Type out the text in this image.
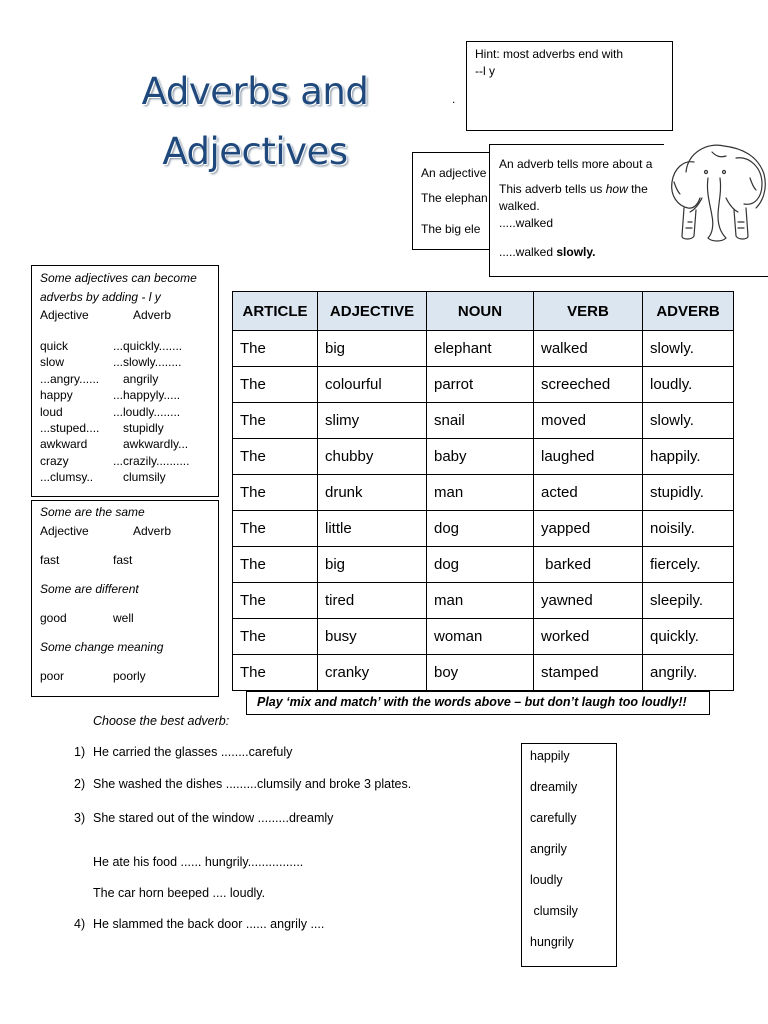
Adverbs and
Adjectives
.
Hint: most adverbs end with
--l y
An adjective
The elephan
The big ele
An adverb tells more about a
This adverb tells us how the
walked.
.....walked
.....walked slowly.
Some adjectives can become
adverbs by adding - l y
Adjective	Adverb
quick	...quickly.......
slow	...slowly........
...angry......	angrily
happy	...happyly.....
loud	...loudly........
...stuped....	stupidly
awkward	awkwardly...
crazy	...crazily..........
...clumsy..	clumsily
Some are the same
Adjective	Adverb
fast	fast
Some are different
good	well
Some change meaning
poor	poorly
ARTICLE	ADJECTIVE	NOUN	VERB	ADVERB
The	big	elephant	walked	slowly.
The	colourful	parrot	screeched	loudly.
The	slimy	snail	moved	slowly.
The	chubby	baby	laughed	happily.
The	drunk	man	acted	stupidly.
The	little	dog	yapped	noisily.
The	big	dog	barked	fiercely.
The	tired	man	yawned	sleepily.
The	busy	woman	worked	quickly.
The	cranky	boy	stamped	angrily.
Play ‘mix and match’ with the words above – but don’t laugh too loudly!!
Choose the best adverb:
1) He carried the glasses ........carefuly
2) She washed the dishes .........clumsily and broke 3 plates.
3) She stared out of the window .........dreamly
He ate his food ...... hungrily................
The car horn beeped .... loudly.
4) He slammed the back door ...... angrily ....
happily
dreamily
carefully
angrily
loudly
clumsily
hungrily
